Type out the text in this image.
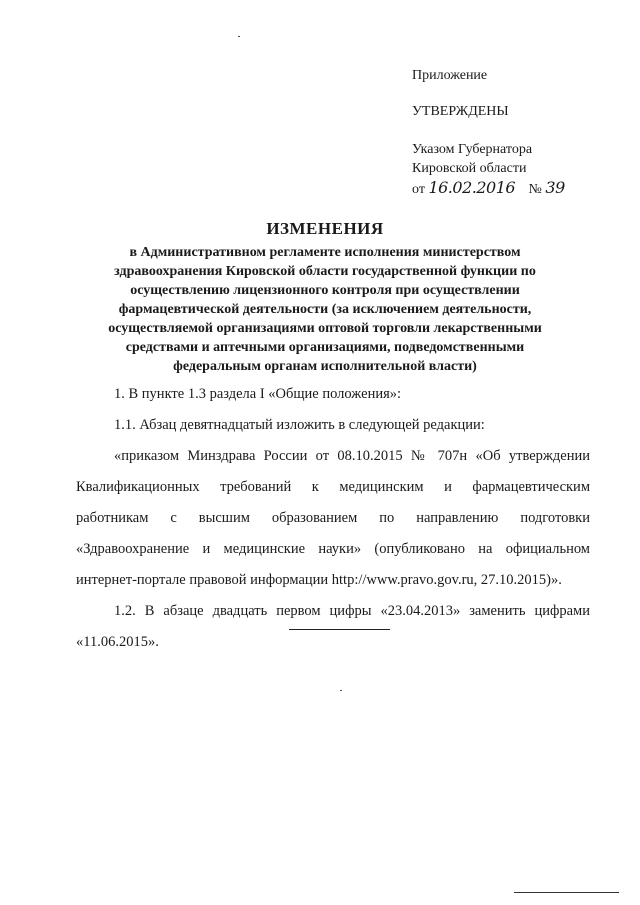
Приложение
УТВЕРЖДЕНЫ
Указом Губернатора
Кировской области
от 16.02.2016 № 39
ИЗМЕНЕНИЯ
в Административном регламенте исполнения министерством
здравоохранения Кировской области государственной функции по
осуществлению лицензионного контроля при осуществлении
фармацевтической деятельности (за исключением деятельности,
осуществляемой организациями оптовой торговли лекарственными
средствами и аптечными организациями, подведомственными
федеральным органам исполнительной власти)
1. В пункте 1.3 раздела I «Общие положения»:
1.1. Абзац девятнадцатый изложить в следующей редакции:
«приказом Минздрава России от 08.10.2015 № 707н «Об утверждении
Квалификационных требований к медицинским и фармацевтическим
работникам с высшим образованием по направлению подготовки
«Здравоохранение и медицинские науки» (опубликовано на официальном
интернет-портале правовой информации http://www.pravo.gov.ru, 27.10.2015)».
1.2. В абзаце двадцать первом цифры «23.04.2013» заменить цифрами
«11.06.2015».
